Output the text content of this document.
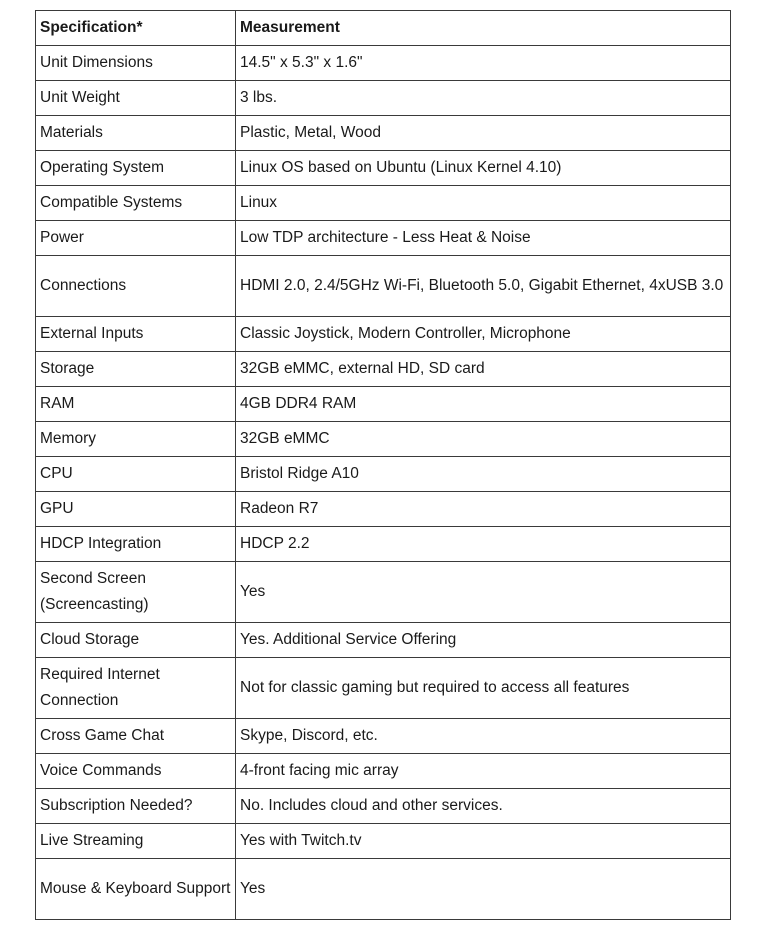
Specification*	Measurement
Unit Dimensions	14.5" x 5.3" x 1.6"
Unit Weight	3 lbs.
Materials	Plastic, Metal, Wood
Operating System	Linux OS based on Ubuntu (Linux Kernel 4.10)
Compatible Systems	Linux
Power	Low TDP architecture - Less Heat & Noise
Connections	HDMI 2.0, 2.4/5GHz Wi-Fi, Bluetooth 5.0, Gigabit Ethernet, 4xUSB 3.0
External Inputs	Classic Joystick, Modern Controller, Microphone
Storage	32GB eMMC, external HD, SD card
RAM	4GB DDR4 RAM
Memory	32GB eMMC
CPU	Bristol Ridge A10
GPU	Radeon R7
HDCP Integration	HDCP 2.2
Second Screen (Screencasting)	Yes
Cloud Storage	Yes. Additional Service Offering
Required Internet Connection	Not for classic gaming but required to access all features
Cross Game Chat	Skype, Discord, etc.
Voice Commands	4-front facing mic array
Subscription Needed?	No. Includes cloud and other services.
Live Streaming	Yes with Twitch.tv
Mouse & Keyboard Support	Yes
